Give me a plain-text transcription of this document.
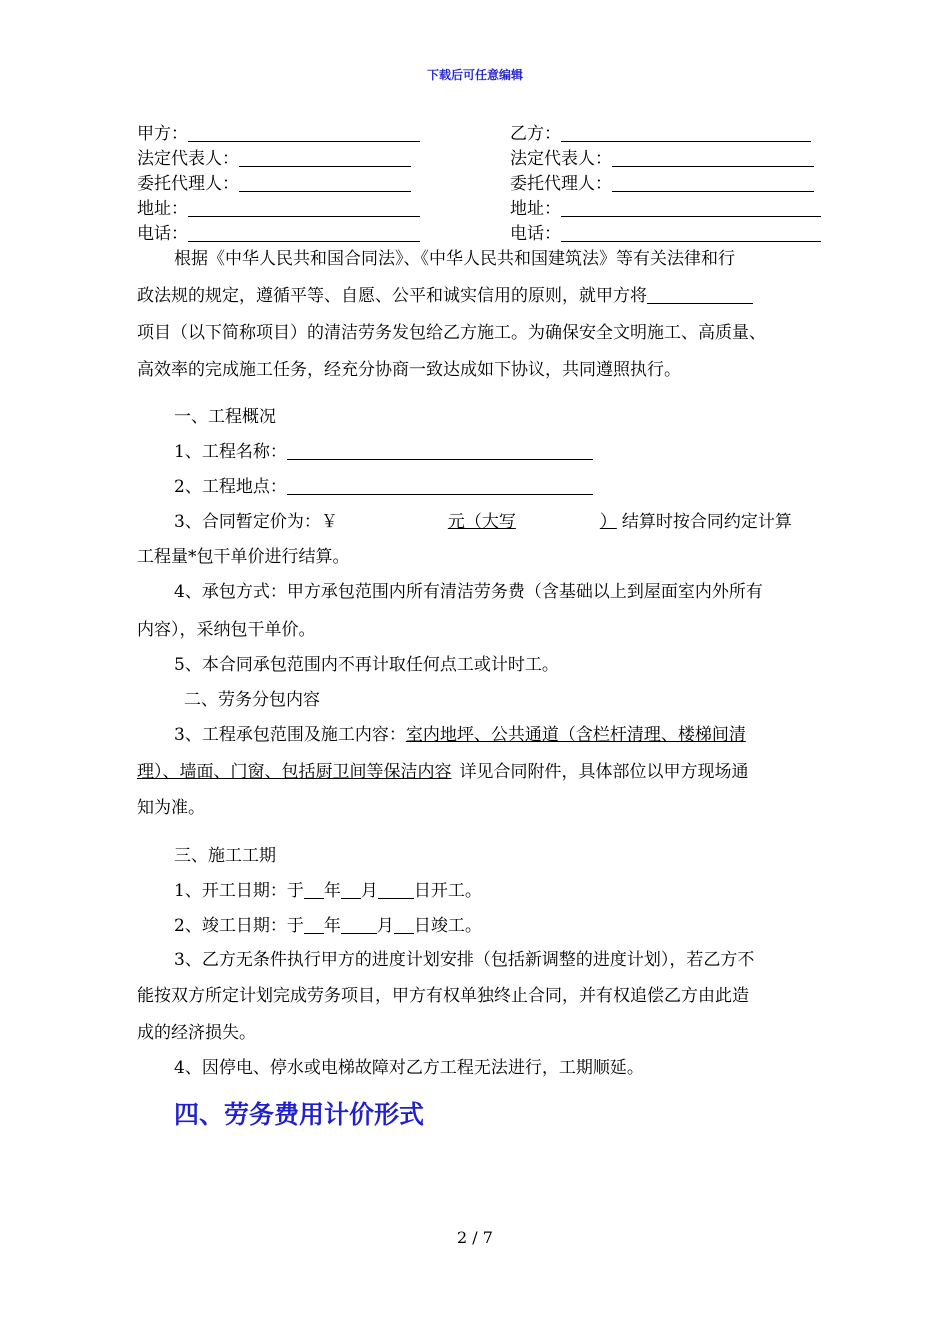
下载后可任意编辑
甲方：
法定代表人：
委托代理人：
地址：
电话：
乙方：
法定代表人：
委托代理人：
地址：
电话：
根据《中华人民共和国合同法》、《中华人民共和国建筑法》等有关法律和行
政法规的规定，遵循平等、自愿、公平和诚实信用的原则，就甲方将
项目（以下简称项目）的清洁劳务发包给乙方施工。为确保安全文明施工、高质量、
高效率的完成施工任务，经充分协商一致达成如下协议，共同遵照执行。
一、工程概况
1、工程名称：
2、工程地点：
3、合同暂定价为：￥	元（大写	） 结算时按合同约定计算
工程量*包干单价进行结算。
4、承包方式：甲方承包范围内所有清洁劳务费（含基础以上到屋面室内外所有
内容），采纳包干单价。
5、本合同承包范围内不再计取任何点工或计时工。
二、劳务分包内容
3、工程承包范围及施工内容：室内地坪、公共通道（含栏杆清理、楼梯间清
理）、墙面、门窗、包括厨卫间等保洁内容 详见合同附件，具体部位以甲方现场通
知为准。
三、施工工期
1、开工日期：于 年 月 日开工。
2、竣工日期：于 年 月 日竣工。
3、乙方无条件执行甲方的进度计划安排（包括新调整的进度计划），若乙方不
能按双方所定计划完成劳务项目，甲方有权单独终止合同，并有权追偿乙方由此造
成的经济损失。
4、因停电、停水或电梯故障对乙方工程无法进行，工期顺延。
四、劳务费用计价形式
2 / 7
